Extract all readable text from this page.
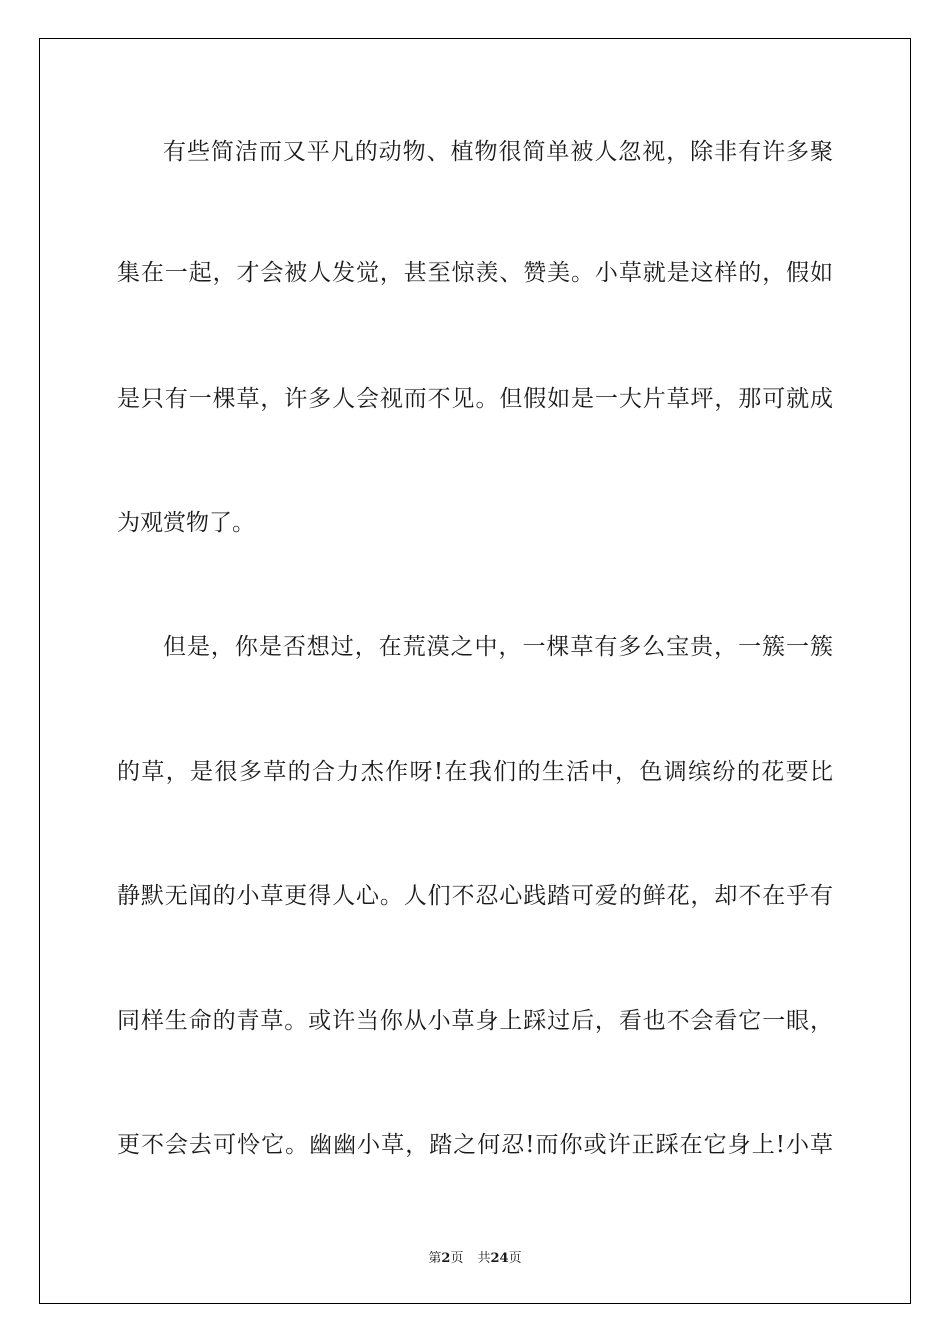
有些简洁而又平凡的动物、植物很简单被人忽视，除非有许多聚
集在一起，才会被人发觉，甚至惊羡、赞美。小草就是这样的，假如
是只有一棵草，许多人会视而不见。但假如是一大片草坪，那可就成
为观赏物了。
但是，你是否想过，在荒漠之中，一棵草有多么宝贵，一簇一簇
的草，是很多草的合力杰作呀!在我们的生活中，色调缤纷的花要比
静默无闻的小草更得人心。人们不忍心践踏可爱的鲜花，却不在乎有
同样生命的青草。或许当你从小草身上踩过后，看也不会看它一眼，
更不会去可怜它。幽幽小草，踏之何忍!而你或许正踩在它身上!小草
第2页 共24页
